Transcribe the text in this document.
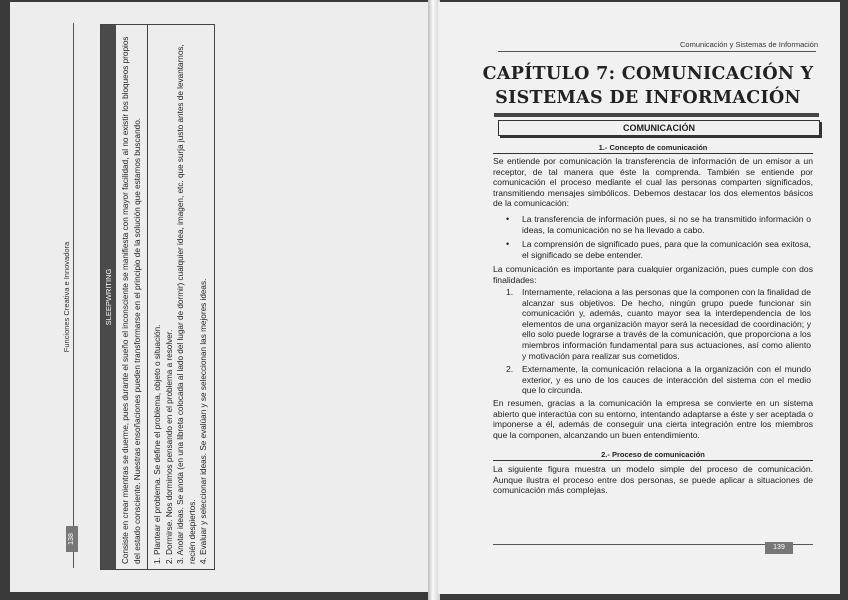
Funciones Creativa e Innovadora
138
SLEEPWRITING Consiste en crear mientras se duerme, pues durante el sueño el inconsciente se manifiesta con mayor facilidad, al no existir los bloqueos propios del estado consciente. Nuestras ensoñaciones pueden transformarse en el principio de la solución que estamos buscando.	1. Plantear el problema. Se define el problema, objeto o situación. 2. Dormirse. Nos dormimos pensando en el problema a resolver. 3. Anotar ideas. Se anota (en una libreta colocada al lado del lugar de dormir) cualquier idea, imagen, etc. que surja justo antes de levantarnos, recién despiertos. 4. Evaluar y seleccionar ideas. Se evalúan y se seleccionan las mejores ideas.
Comunicación y Sistemas de Información
CAPÍTULO 7: COMUNICACIÓN Y
SISTEMAS DE INFORMACIÓN
COMUNICACIÓN
1.- Concepto de comunicación
Se entiende por comunicación la transferencia de información de un emisor a un receptor, de tal manera que éste la comprenda. También se entiende por comunicación el proceso mediante el cual las personas comparten significados, transmitiendo mensajes simbólicos. Debemos destacar los dos elementos básicos de la comunicación:
•	La transferencia de información pues, si no se ha transmitido información o ideas, la comunicación no se ha llevado a cabo.
•	La comprensión de significado pues, para que la comunicación sea exitosa, el significado se debe entender.
La comunicación es importante para cualquier organización, pues cumple con dos finalidades:
1.	Internamente, relaciona a las personas que la componen con la finalidad de alcanzar sus objetivos. De hecho, ningún grupo puede funcionar sin comunicación y, además, cuanto mayor sea la interdependencia de los elementos de una organización mayor será la necesidad de coordinación; y ello solo puede lograrse a través de la comunicación, que proporciona a los miembros información fundamental para sus actuaciones, así como aliento y motivación para realizar sus cometidos.
2.	Externamente, la comunicación relaciona a la organización con el mundo exterior, y es uno de los cauces de interacción del sistema con el medio que lo circunda.
En resumen, gracias a la comunicación la empresa se convierte en un sistema abierto que interactúa con su entorno, intentando adaptarse a éste y ser aceptada o imponerse a él, además de conseguir una cierta integración entre los miembros que la componen, alcanzando un buen entendimiento.
2.- Proceso de comunicación
La siguiente figura muestra un modelo simple del proceso de comunicación. Aunque ilustra el proceso entre dos personas, se puede aplicar a situaciones de comunicación más complejas.
139
